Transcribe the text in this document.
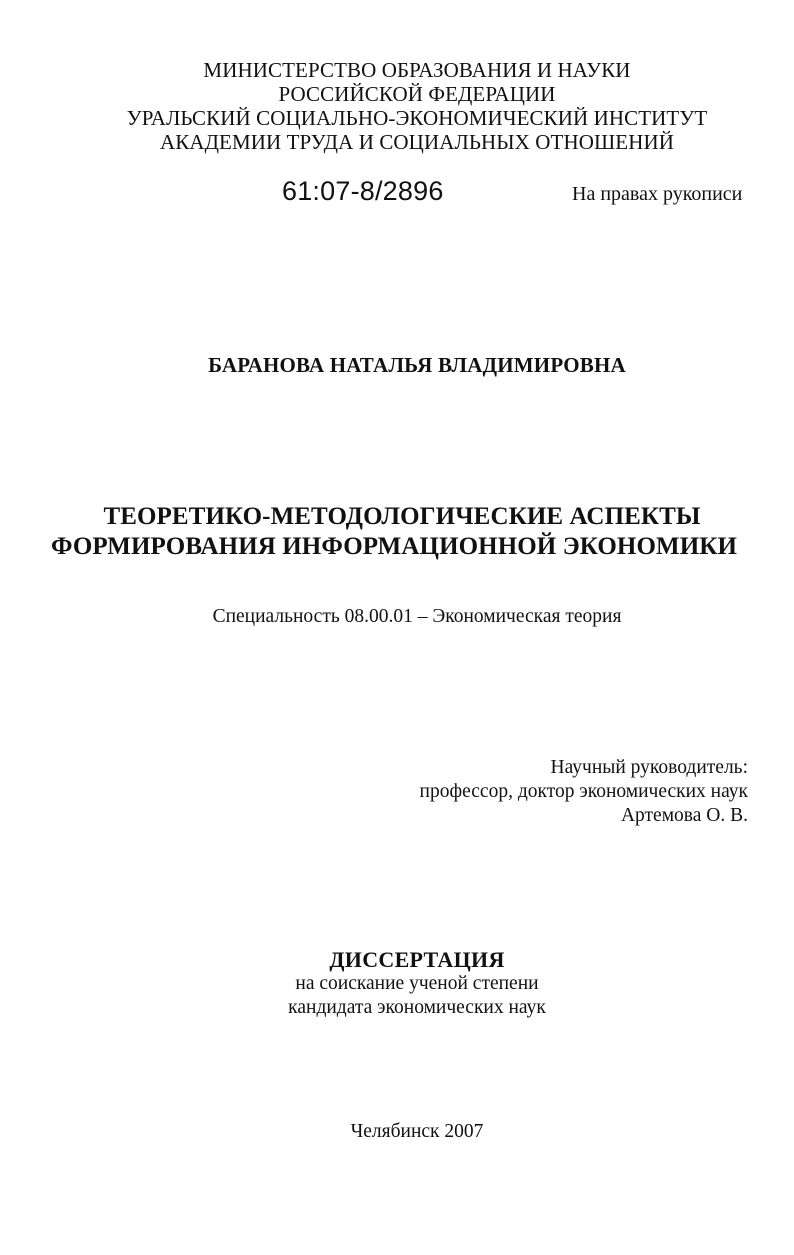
МИНИСТЕРСТВО ОБРАЗОВАНИЯ И НАУКИ
РОССИЙСКОЙ ФЕДЕРАЦИИ
УРАЛЬСКИЙ СОЦИАЛЬНО-ЭКОНОМИЧЕСКИЙ ИНСТИТУТ
АКАДЕМИИ ТРУДА И СОЦИАЛЬНЫХ ОТНОШЕНИЙ
61:07-8/2896	На правах рукописи
БАРАНОВА НАТАЛЬЯ ВЛАДИМИРОВНА
ТЕОРЕТИКО-МЕТОДОЛОГИЧЕСКИЕ АСПЕКТЫ
ФОРМИРОВАНИЯ ИНФОРМАЦИОННОЙ ЭКОНОМИКИ
Специальность 08.00.01 – Экономическая теория
Научный руководитель:
профессор, доктор экономических наук
Артемова О. В.
ДИССЕРТАЦИЯ
на соискание ученой степени
кандидата экономических наук
Челябинск 2007
